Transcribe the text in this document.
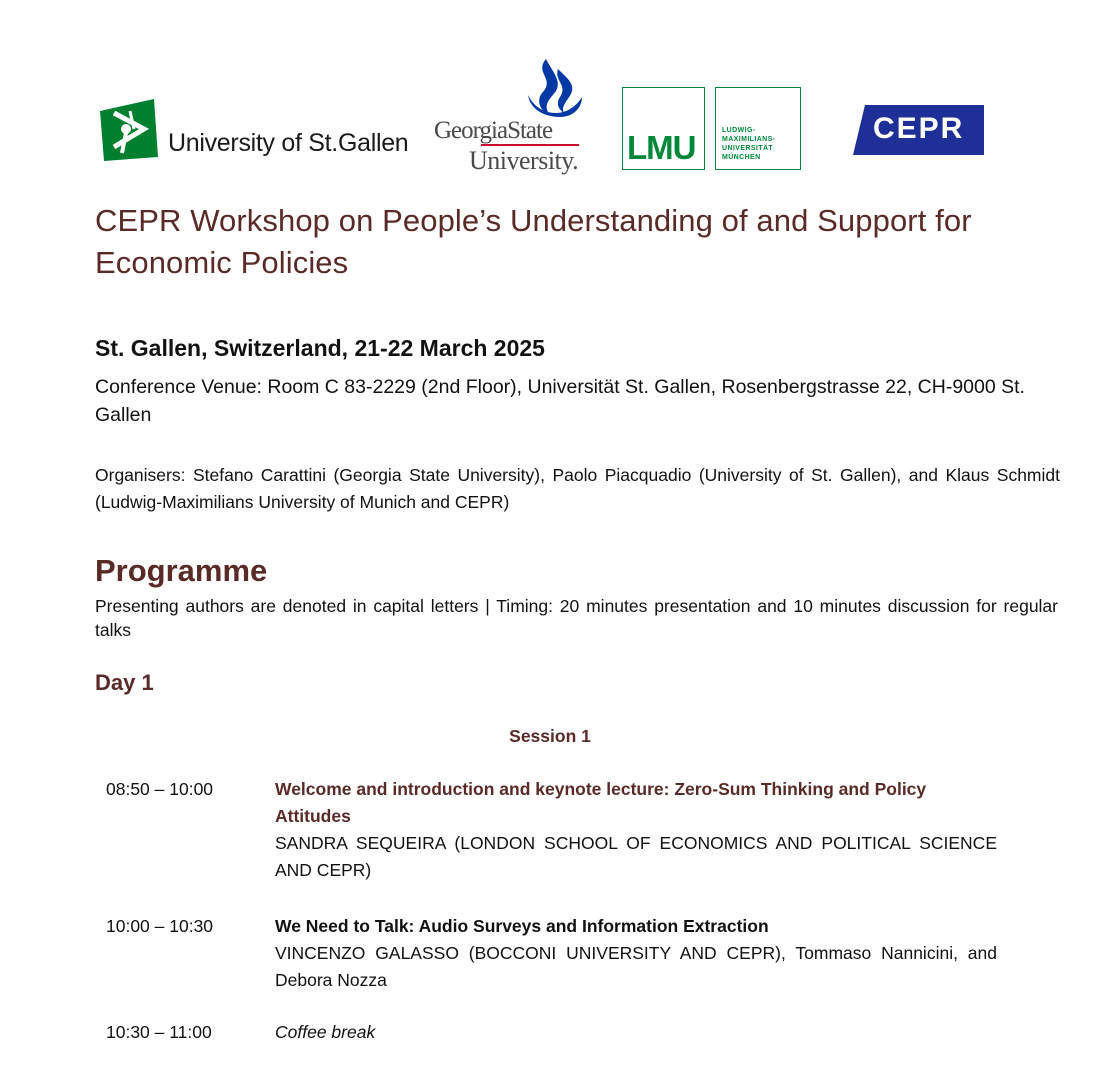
University of St.Gallen GeorgiaState
University. LMU	LUDWIG-
MAXIMILIANS-
UNIVERSITÄT
MÜNCHEN
CEPR
CEPR Workshop on People’s Understanding of and Support for Economic Policies
St. Gallen, Switzerland, 21-22 March 2025
Conference Venue: Room C 83-2229 (2nd Floor), Universität St. Gallen, Rosenbergstrasse 22, CH-9000 St. Gallen
Organisers: Stefano Carattini (Georgia State University), Paolo Piacquadio (University of St. Gallen), and Klaus Schmidt (Ludwig-Maximilians University of Munich and CEPR)
Programme
Presenting authors are denoted in capital letters | Timing: 20 minutes presentation and 10 minutes discussion for regular talks
Day 1
Session 1
08:50 – 10:00	Welcome and introduction and keynote lecture: Zero-Sum Thinking and Policy Attitudes
SANDRA SEQUEIRA (LONDON SCHOOL OF ECONOMICS AND POLITICAL SCIENCE AND CEPR)
10:00 – 10:30	We Need to Talk: Audio Surveys and Information Extraction
VINCENZO GALASSO (BOCCONI UNIVERSITY AND CEPR), Tommaso Nannicini, and Debora Nozza
10:30 – 11:00	Coffee break
